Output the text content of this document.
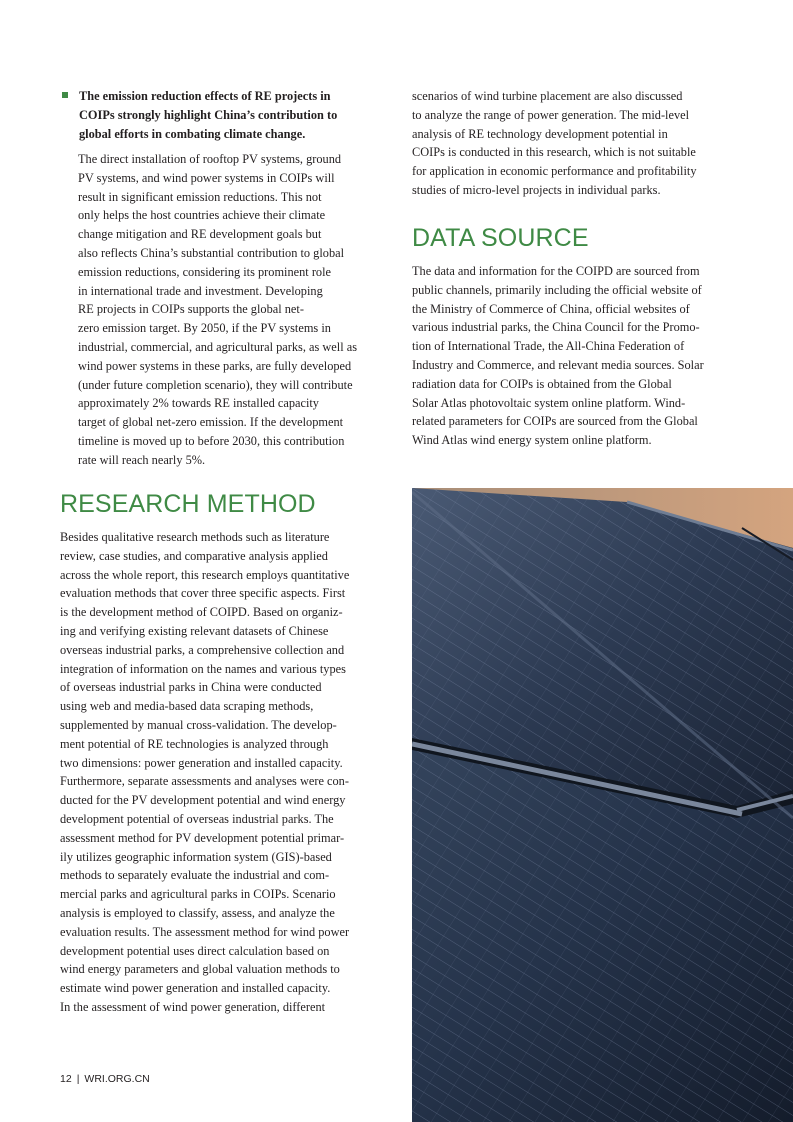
The emission reduction effects of RE projects in
COIPs strongly highlight China’s contribution to
global efforts in combating climate change.
The direct installation of rooftop PV systems, ground
PV systems, and wind power systems in COIPs will
result in significant emission reductions. This not
only helps the host countries achieve their climate
change mitigation and RE development goals but
also reflects China’s substantial contribution to global
emission reductions, considering its prominent role
in international trade and investment. Developing
RE projects in COIPs supports the global net-
zero emission target. By 2050, if the PV systems in
industrial, commercial, and agricultural parks, as well as
wind power systems in these parks, are fully developed
(under future completion scenario), they will contribute
approximately 2% towards RE installed capacity
target of global net-zero emission. If the development
timeline is moved up to before 2030, this contribution
rate will reach nearly 5%.
scenarios of wind turbine placement are also discussed
to analyze the range of power generation. The mid-level
analysis of RE technology development potential in
COIPs is conducted in this research, which is not suitable
for application in economic performance and profitability
studies of micro-level projects in individual parks.
DATA SOURCE
The data and information for the COIPD are sourced from
public channels, primarily including the official website of
the Ministry of Commerce of China, official websites of
various industrial parks, the China Council for the Promo-
tion of International Trade, the All-China Federation of
Industry and Commerce, and relevant media sources. Solar
radiation data for COIPs is obtained from the Global
Solar Atlas photovoltaic system online platform. Wind-
related parameters for COIPs are sourced from the Global
Wind Atlas wind energy system online platform.
RESEARCH METHOD
Besides qualitative research methods such as literature
review, case studies, and comparative analysis applied
across the whole report, this research employs quantitative
evaluation methods that cover three specific aspects. First
is the development method of COIPD. Based on organiz-
ing and verifying existing relevant datasets of Chinese
overseas industrial parks, a comprehensive collection and
integration of information on the names and various types
of overseas industrial parks in China were conducted
using web and media-based data scraping methods,
supplemented by manual cross-validation. The develop-
ment potential of RE technologies is analyzed through
two dimensions: power generation and installed capacity.
Furthermore, separate assessments and analyses were con-
ducted for the PV development potential and wind energy
development potential of overseas industrial parks. The
assessment method for PV development potential primar-
ily utilizes geographic information system (GIS)-based
methods to separately evaluate the industrial and com-
mercial parks and agricultural parks in COIPs. Scenario
analysis is employed to classify, assess, and analyze the
evaluation results. The assessment method for wind power
development potential uses direct calculation based on
wind energy parameters and global valuation methods to
estimate wind power generation and installed capacity.
In the assessment of wind power generation, different
12 | WRI.ORG.CN
